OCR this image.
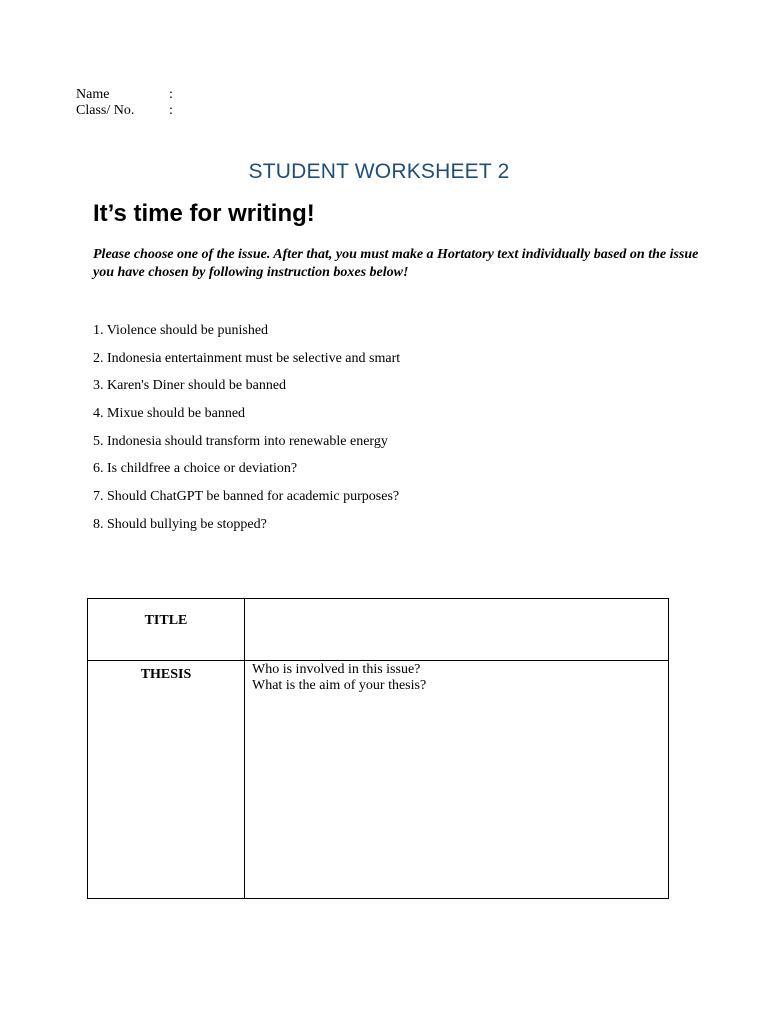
Name	:
Class/ No.	:
STUDENT WORKSHEET 2
It’s time for writing!
Please choose one of the issue. After that, you must make a Hortatory text individually based on the issue you have chosen by following instruction boxes below!
1. Violence should be punished
2. Indonesia entertainment must be selective and smart
3. Karen's Diner should be banned
4. Mixue should be banned
5. Indonesia should transform into renewable energy
6. Is childfree a choice or deviation?
7. Should ChatGPT be banned for academic purposes?
8. Should bullying be stopped?
TITLE	
THESIS	Who is involved in this issue?
What is the aim of your thesis?
